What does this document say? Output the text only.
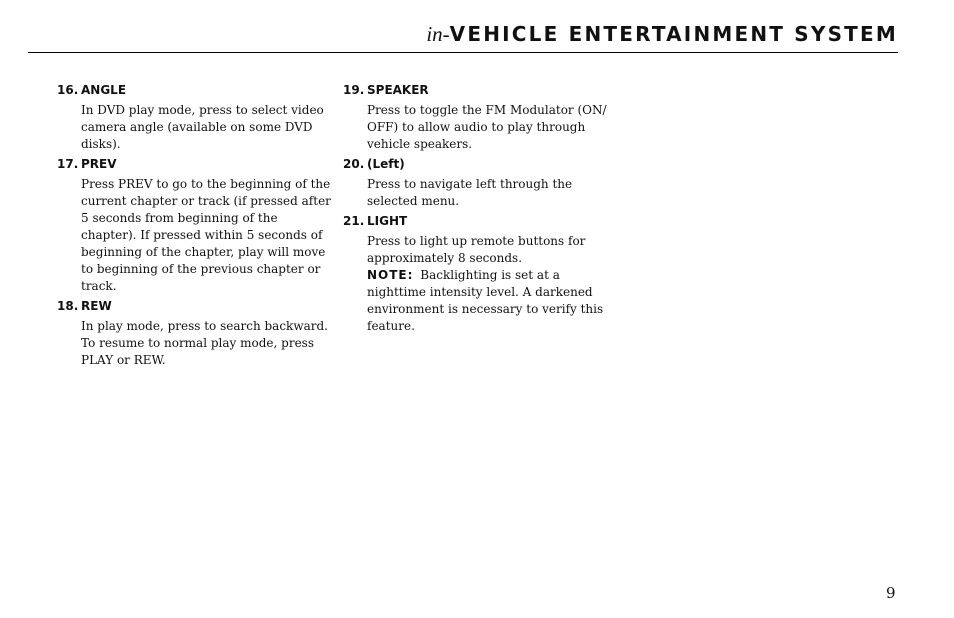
in-VEHICLE ENTERTAINMENT SYSTEM
16. ANGLE
In DVD play mode, press to select video camera angle (available on some DVD disks).
17. PREV
Press PREV to go to the beginning of the current chapter or track (if pressed after 5 seconds from beginning of the chapter). If pressed within 5 seconds of beginning of the chapter, play will move to beginning of the previous chapter or track.
18. REW
In play mode, press to search backward. To resume to normal play mode, press PLAY or REW.
19. SPEAKER
Press to toggle the FM Modulator (ON/ OFF) to allow audio to play through vehicle speakers.
20. (Left)
Press to navigate left through the selected menu.
21. LIGHT
Press to light up remote buttons for approximately 8 seconds.
NOTE: Backlighting is set at a nighttime intensity level. A darkened environment is necessary to verify this feature.
9
